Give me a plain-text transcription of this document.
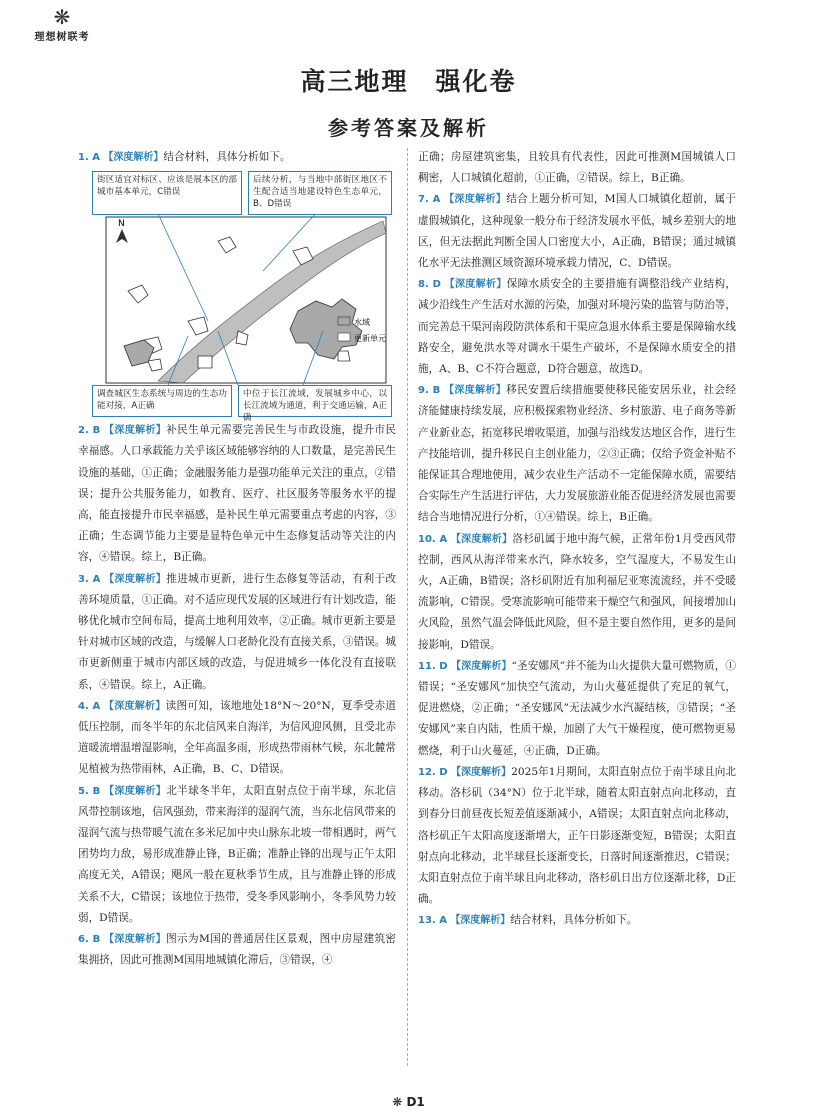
❋
理想树联考
高三地理　强化卷
参考答案及解析

1. A 【深度解析】结合材料，具体分析如下。

水域
更新单元
N
街区适宜对标区、应该是展本区的部城市基本单元，C错误
后续分析，与当地中部街区地区不生配合适当地建设特色生态单元，B、D错误
调查城区生态系统与周边的生态功能对接，A正确
中位于长江流域，发展城乡中心，以长江流域为通道，利于交通运输，A正确

2. B 【深度解析】补民生单元需要完善民生与市政设施，提升市民幸福感。人口承载能力关乎该区域能够容纳的人口数量，是完善民生设施的基础，①正确；金融服务能力是强功能单元关注的重点，②错误；提升公共服务能力，如教育、医疗、社区服务等服务水平的提高，能直接提升市民幸福感，是补民生单元需要重点考虑的内容，③正确；生态调节能力主要是显特色单元中生态修复活动等关注的内容，④错误。综上，B正确。

3. A 【深度解析】推进城市更新，进行生态修复等活动，有利于改善环境质量，①正确。对不适应现代发展的区域进行有计划改造，能够优化城市空间布局，提高土地利用效率，②正确。城市更新主要是针对城市区域的改造，与缓解人口老龄化没有直接关系，③错误。城市更新侧重于城市内部区域的改造，与促进城乡一体化没有直接联系，④错误。综上，A正确。

4. A 【深度解析】读图可知，该地地处18°N～20°N，夏季受赤道低压控制，而冬半年的东北信风来自海洋，为信风迎风侧，且受北赤道暖流增温增湿影响，全年高温多雨，形成热带雨林气候，东北麓常见植被为热带雨林，A正确，B、C、D错误。

5. B 【深度解析】北半球冬半年，太阳直射点位于南半球，东北信风带控制该地，信风强劲，带来海洋的湿润气流，当东北信风带来的湿润气流与热带暖气流在多米尼加中央山脉东北坡一带相遇时，两气团势均力敌，易形成准静止锋，B正确；准静止锋的出现与正午太阳高度无关，A错误；飓风一般在夏秋季节生成，且与准静止锋的形成关系不大，C错误；该地位于热带，受冬季风影响小，冬季风势力较弱，D错误。

6. B 【深度解析】图示为M国的普通居住区景观，图中房屋建筑密集拥挤，因此可推测M国用地城镇化滞后，③错误，④

正确；房屋建筑密集，且较具有代表性，因此可推测M国城镇人口稠密，人口城镇化超前，①正确，②错误。综上，B正确。

7. A 【深度解析】结合上题分析可知，M国人口城镇化超前，属于虚假城镇化，这种现象一般分布于经济发展水平低，城乡差别大的地区，但无法据此判断全国人口密度大小，A正确，B错误；通过城镇化水平无法推测区域资源环境承载力情况，C、D错误。

8. D 【深度解析】保障水质安全的主要措施有调整沿线产业结构，减少沿线生产生活对水源的污染，加强对环境污染的监管与防治等，而完善总干渠河南段防洪体系和干渠应急退水体系主要是保障输水线路安全，避免洪水等对调水干渠生产破坏，不是保障水质安全的措施，A、B、C不符合题意，D符合题意，故选D。

9. B 【深度解析】移民安置后续措施要使移民能安居乐业，社会经济能健康持续发展，应积极探索物业经济、乡村旅游、电子商务等新产业新业态，拓宽移民增收渠道，加强与沿线发达地区合作，进行生产技能培训，提升移民自主创业能力，②③正确；仅给予资金补贴不能保证其合理地使用，减少农业生产活动不一定能保障水质，需要结合实际生产生活进行评估，大力发展旅游业能否促进经济发展也需要结合当地情况进行分析，①④错误。综上，B正确。

10. A 【深度解析】洛杉矶属于地中海气候，正常年份1月受西风带控制，西风从海洋带来水汽，降水较多，空气湿度大，不易发生山火，A正确，B错误；洛杉矶附近有加利福尼亚寒流流经，并不受暖流影响，C错误。受寒流影响可能带来干燥空气和强风，间接增加山火风险，虽然气温会降低此风险，但不是主要自然作用，更多的是间接影响，D错误。

11. D 【深度解析】“圣安娜风”并不能为山火提供大量可燃物质，①错误；“圣安娜风”加快空气流动，为山火蔓延提供了充足的氧气，促进燃烧，②正确；“圣安娜风”无法减少水汽凝结核，③错误；“圣安娜风”来自内陆，性质干燥，加剧了大气干燥程度，使可燃物更易燃烧，利于山火蔓延，④正确，D正确。

12. D 【深度解析】2025年1月期间，太阳直射点位于南半球且向北移动。洛杉矶（34°N）位于北半球，随着太阳直射点向北移动，直到春分日前昼夜长短差值逐渐减小，A错误；太阳直射点向北移动，洛杉矶正午太阳高度逐渐增大，正午日影逐渐变短，B错误；太阳直射点向北移动，北半球昼长逐渐变长，日落时间逐渐推迟，C错误；太阳直射点位于南半球且向北移动，洛杉矶日出方位逐渐北移，D正确。

13. A 【深度解析】结合材料，具体分析如下。

❋ D1
